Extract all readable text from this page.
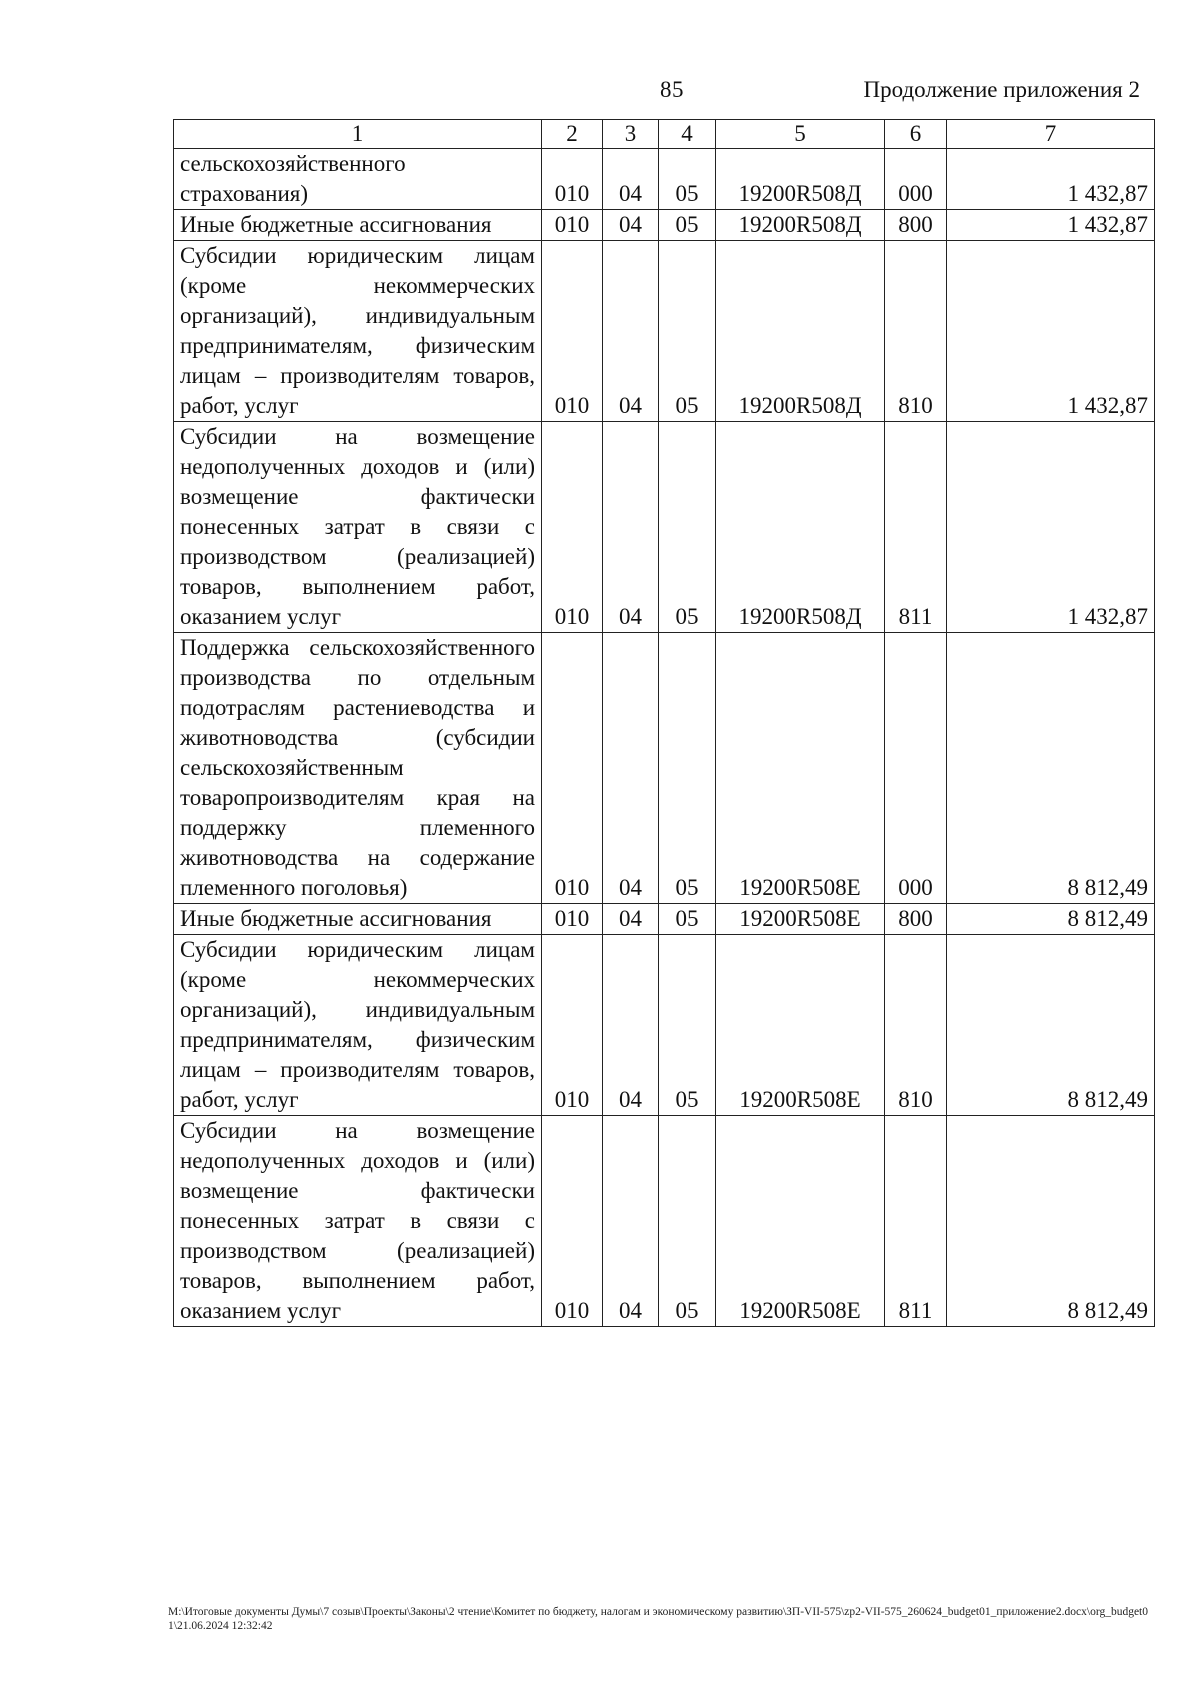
85	Продолжение приложения 2
1	2	3	4	5	6	7
сельскохозяйственного страхования)	010	04	05	19200R508Д	000	1 432,87
Иные бюджетные ассигнования	010	04	05	19200R508Д	800	1 432,87
Субсидии юридическим лицам (кроме некоммерческих организаций), индивидуальным предпринимателям, физическим лицам – производителям товаров, работ, услуг	010	04	05	19200R508Д	810	1 432,87
Субсидии на возмещение недополученных доходов и (или) возмещение фактически понесенных затрат в связи с производством (реализацией) товаров, выполнением работ, оказанием услуг	010	04	05	19200R508Д	811	1 432,87
Поддержка сельскохозяйственного производства по отдельным подотраслям растениеводства и животноводства (субсидии сельскохозяйственным товаропроизводителям края на поддержку племенного животноводства на содержание племенного поголовья)	010	04	05	19200R508Е	000	8 812,49
Иные бюджетные ассигнования	010	04	05	19200R508Е	800	8 812,49
Субсидии юридическим лицам (кроме некоммерческих организаций), индивидуальным предпринимателям, физическим лицам – производителям товаров, работ, услуг	010	04	05	19200R508Е	810	8 812,49
Субсидии на возмещение недополученных доходов и (или) возмещение фактически понесенных затрат в связи с производством (реализацией) товаров, выполнением работ, оказанием услуг	010	04	05	19200R508Е	811	8 812,49
М:\Итоговые документы Думы\7 созыв\Проекты\Законы\2 чтение\Комитет по бюджету, налогам и экономическому развитию\ЗП-VII-575\zp2-VII-575_260624_budget01_приложение2.docx\org_budget01\21.06.2024 12:32:42
